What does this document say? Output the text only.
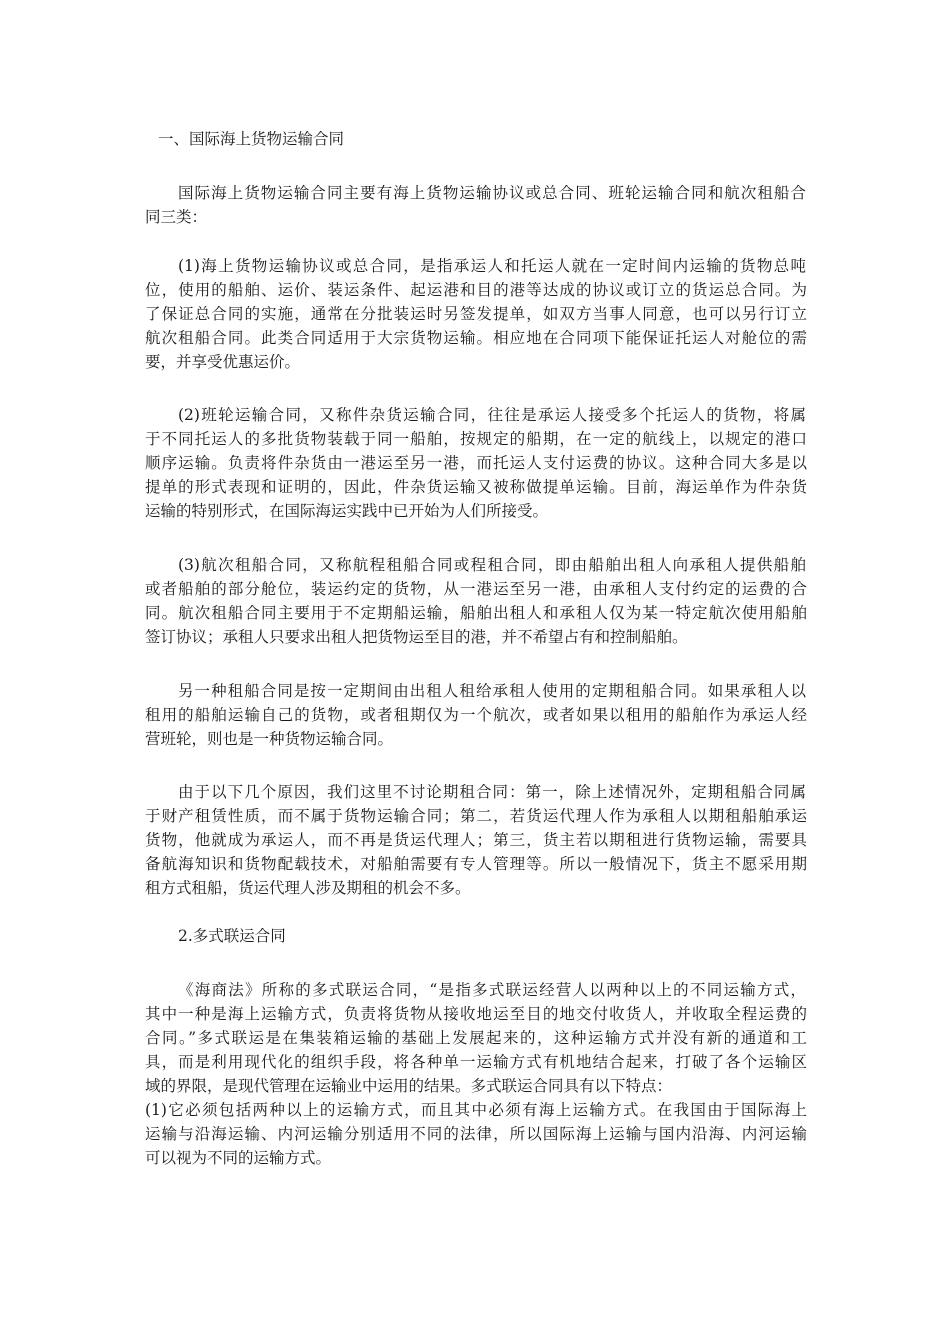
一、国际海上货物运输合同

国际海上货物运输合同主要有海上货物运输协议或总合同、班轮运输合同和航次租船合

同三类：

(1)海上货物运输协议或总合同，是指承运人和托运人就在一定时间内运输的货物总吨

位，使用的船舶、运价、装运条件、起运港和目的港等达成的协议或订立的货运总合同。为

了保证总合同的实施，通常在分批装运时另签发提单，如双方当事人同意，也可以另行订立

航次租船合同。此类合同适用于大宗货物运输。相应地在合同项下能保证托运人对舱位的需

要，并享受优惠运价。

(2)班轮运输合同，又称件杂货运输合同，往往是承运人接受多个托运人的货物，将属

于不同托运人的多批货物装载于同一船舶，按规定的船期，在一定的航线上，以规定的港口

顺序运输。负责将件杂货由一港运至另一港，而托运人支付运费的协议。这种合同大多是以

提单的形式表现和证明的，因此，件杂货运输又被称做提单运输。目前，海运单作为件杂货

运输的特别形式，在国际海运实践中已开始为人们所接受。

(3)航次租船合同，又称航程租船合同或程租合同，即由船舶出租人向承租人提供船舶

或者船舶的部分舱位，装运约定的货物，从一港运至另一港，由承租人支付约定的运费的合

同。航次租船合同主要用于不定期船运输，船舶出租人和承租人仅为某一特定航次使用船舶

签订协议；承租人只要求出租人把货物运至目的港，并不希望占有和控制船舶。

另一种租船合同是按一定期间由出租人租给承租人使用的定期租船合同。如果承租人以

租用的船舶运输自己的货物，或者租期仅为一个航次，或者如果以租用的船舶作为承运人经

营班轮，则也是一种货物运输合同。

由于以下几个原因，我们这里不讨论期租合同：第一，除上述情况外，定期租船合同属

于财产租赁性质，而不属于货物运输合同；第二，若货运代理人作为承租人以期租船舶承运

货物，他就成为承运人，而不再是货运代理人；第三，货主若以期租进行货物运输，需要具

备航海知识和货物配载技术，对船舶需要有专人管理等。所以一般情况下，货主不愿采用期

租方式租船，货运代理人涉及期租的机会不多。

2.多式联运合同

《海商法》所称的多式联运合同，“是指多式联运经营人以两种以上的不同运输方式，

其中一种是海上运输方式，负责将货物从接收地运至目的地交付收货人，并收取全程运费的

合同。”多式联运是在集装箱运输的基础上发展起来的，这种运输方式并没有新的通道和工

具，而是利用现代化的组织手段，将各种单一运输方式有机地结合起来，打破了各个运输区

域的界限，是现代管理在运输业中运用的结果。多式联运合同具有以下特点：

(1)它必须包括两种以上的运输方式，而且其中必须有海上运输方式。在我国由于国际海上

运输与沿海运输、内河运输分别适用不同的法律，所以国际海上运输与国内沿海、内河运输

可以视为不同的运输方式。
